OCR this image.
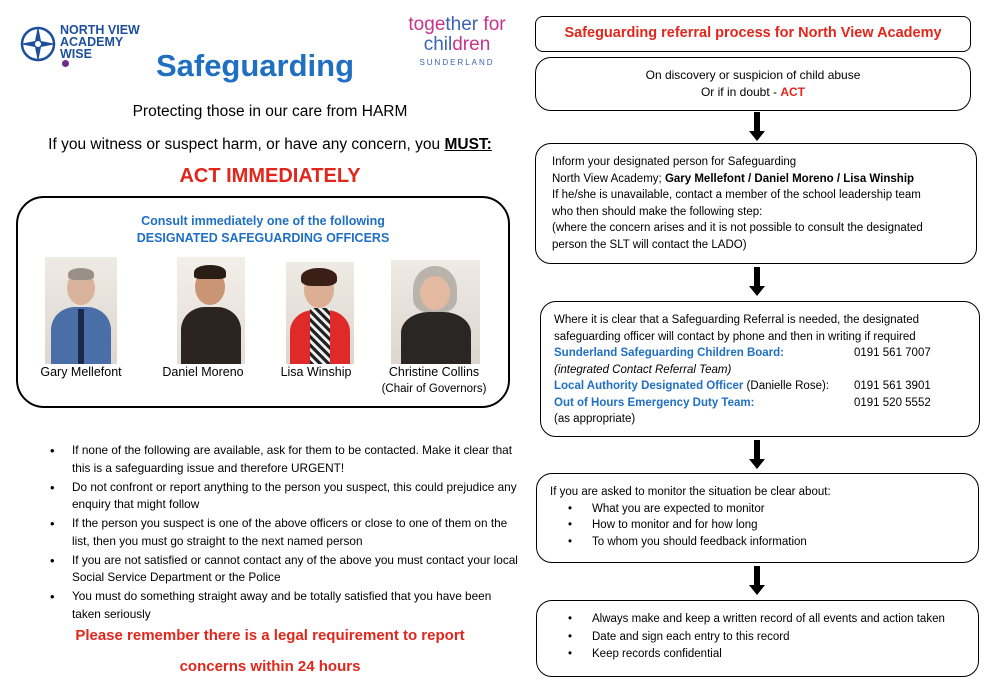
NORTH VIEW
ACADEMY
WISE
together for
children
SUNDERLAND
Safeguarding
Protecting those in our care from HARM
If you witness or suspect harm, or have any concern, you MUST:
ACT IMMEDIATELY
Consult immediately one of the following
DESIGNATED SAFEGUARDING OFFICERS
Gary Mellefont	Daniel Moreno	Lisa Winship	Christine Collins
(Chair of Governors)
• If none of the following are available, ask for them to be contacted. Make it clear that this is a safeguarding issue and therefore URGENT!
• Do not confront or report anything to the person you suspect, this could prejudice any enquiry that might follow
• If the person you suspect is one of the above officers or close to one of them on the list, then you must go straight to the next named person
• If you are not satisfied or cannot contact any of the above you must contact your local Social Service Department or the Police
• You must do something straight away and be totally satisfied that you have been taken seriously
Please remember there is a legal requirement to report
concerns within 24 hours
Safeguarding referral process for North View Academy
On discovery or suspicion of child abuse
Or if in doubt - ACT
Inform your designated person for Safeguarding
North View Academy; Gary Mellefont / Daniel Moreno / Lisa Winship
If he/she is unavailable, contact a member of the school leadership team
who then should make the following step:
(where the concern arises and it is not possible to consult the designated
person the SLT will contact the LADO)
Where it is clear that a Safeguarding Referral is needed, the designated
safeguarding officer will contact by phone and then in writing if required
Sunderland Safeguarding Children Board:	0191 561 7007
(integrated Contact Referral Team)
Local Authority Designated Officer (Danielle Rose):	0191 561 3901
Out of Hours Emergency Duty Team:	0191 520 5552
(as appropriate)
If you are asked to monitor the situation be clear about:
• What you are expected to monitor
• How to monitor and for how long
• To whom you should feedback information
• Always make and keep a written record of all events and action taken
• Date and sign each entry to this record
• Keep records confidential
